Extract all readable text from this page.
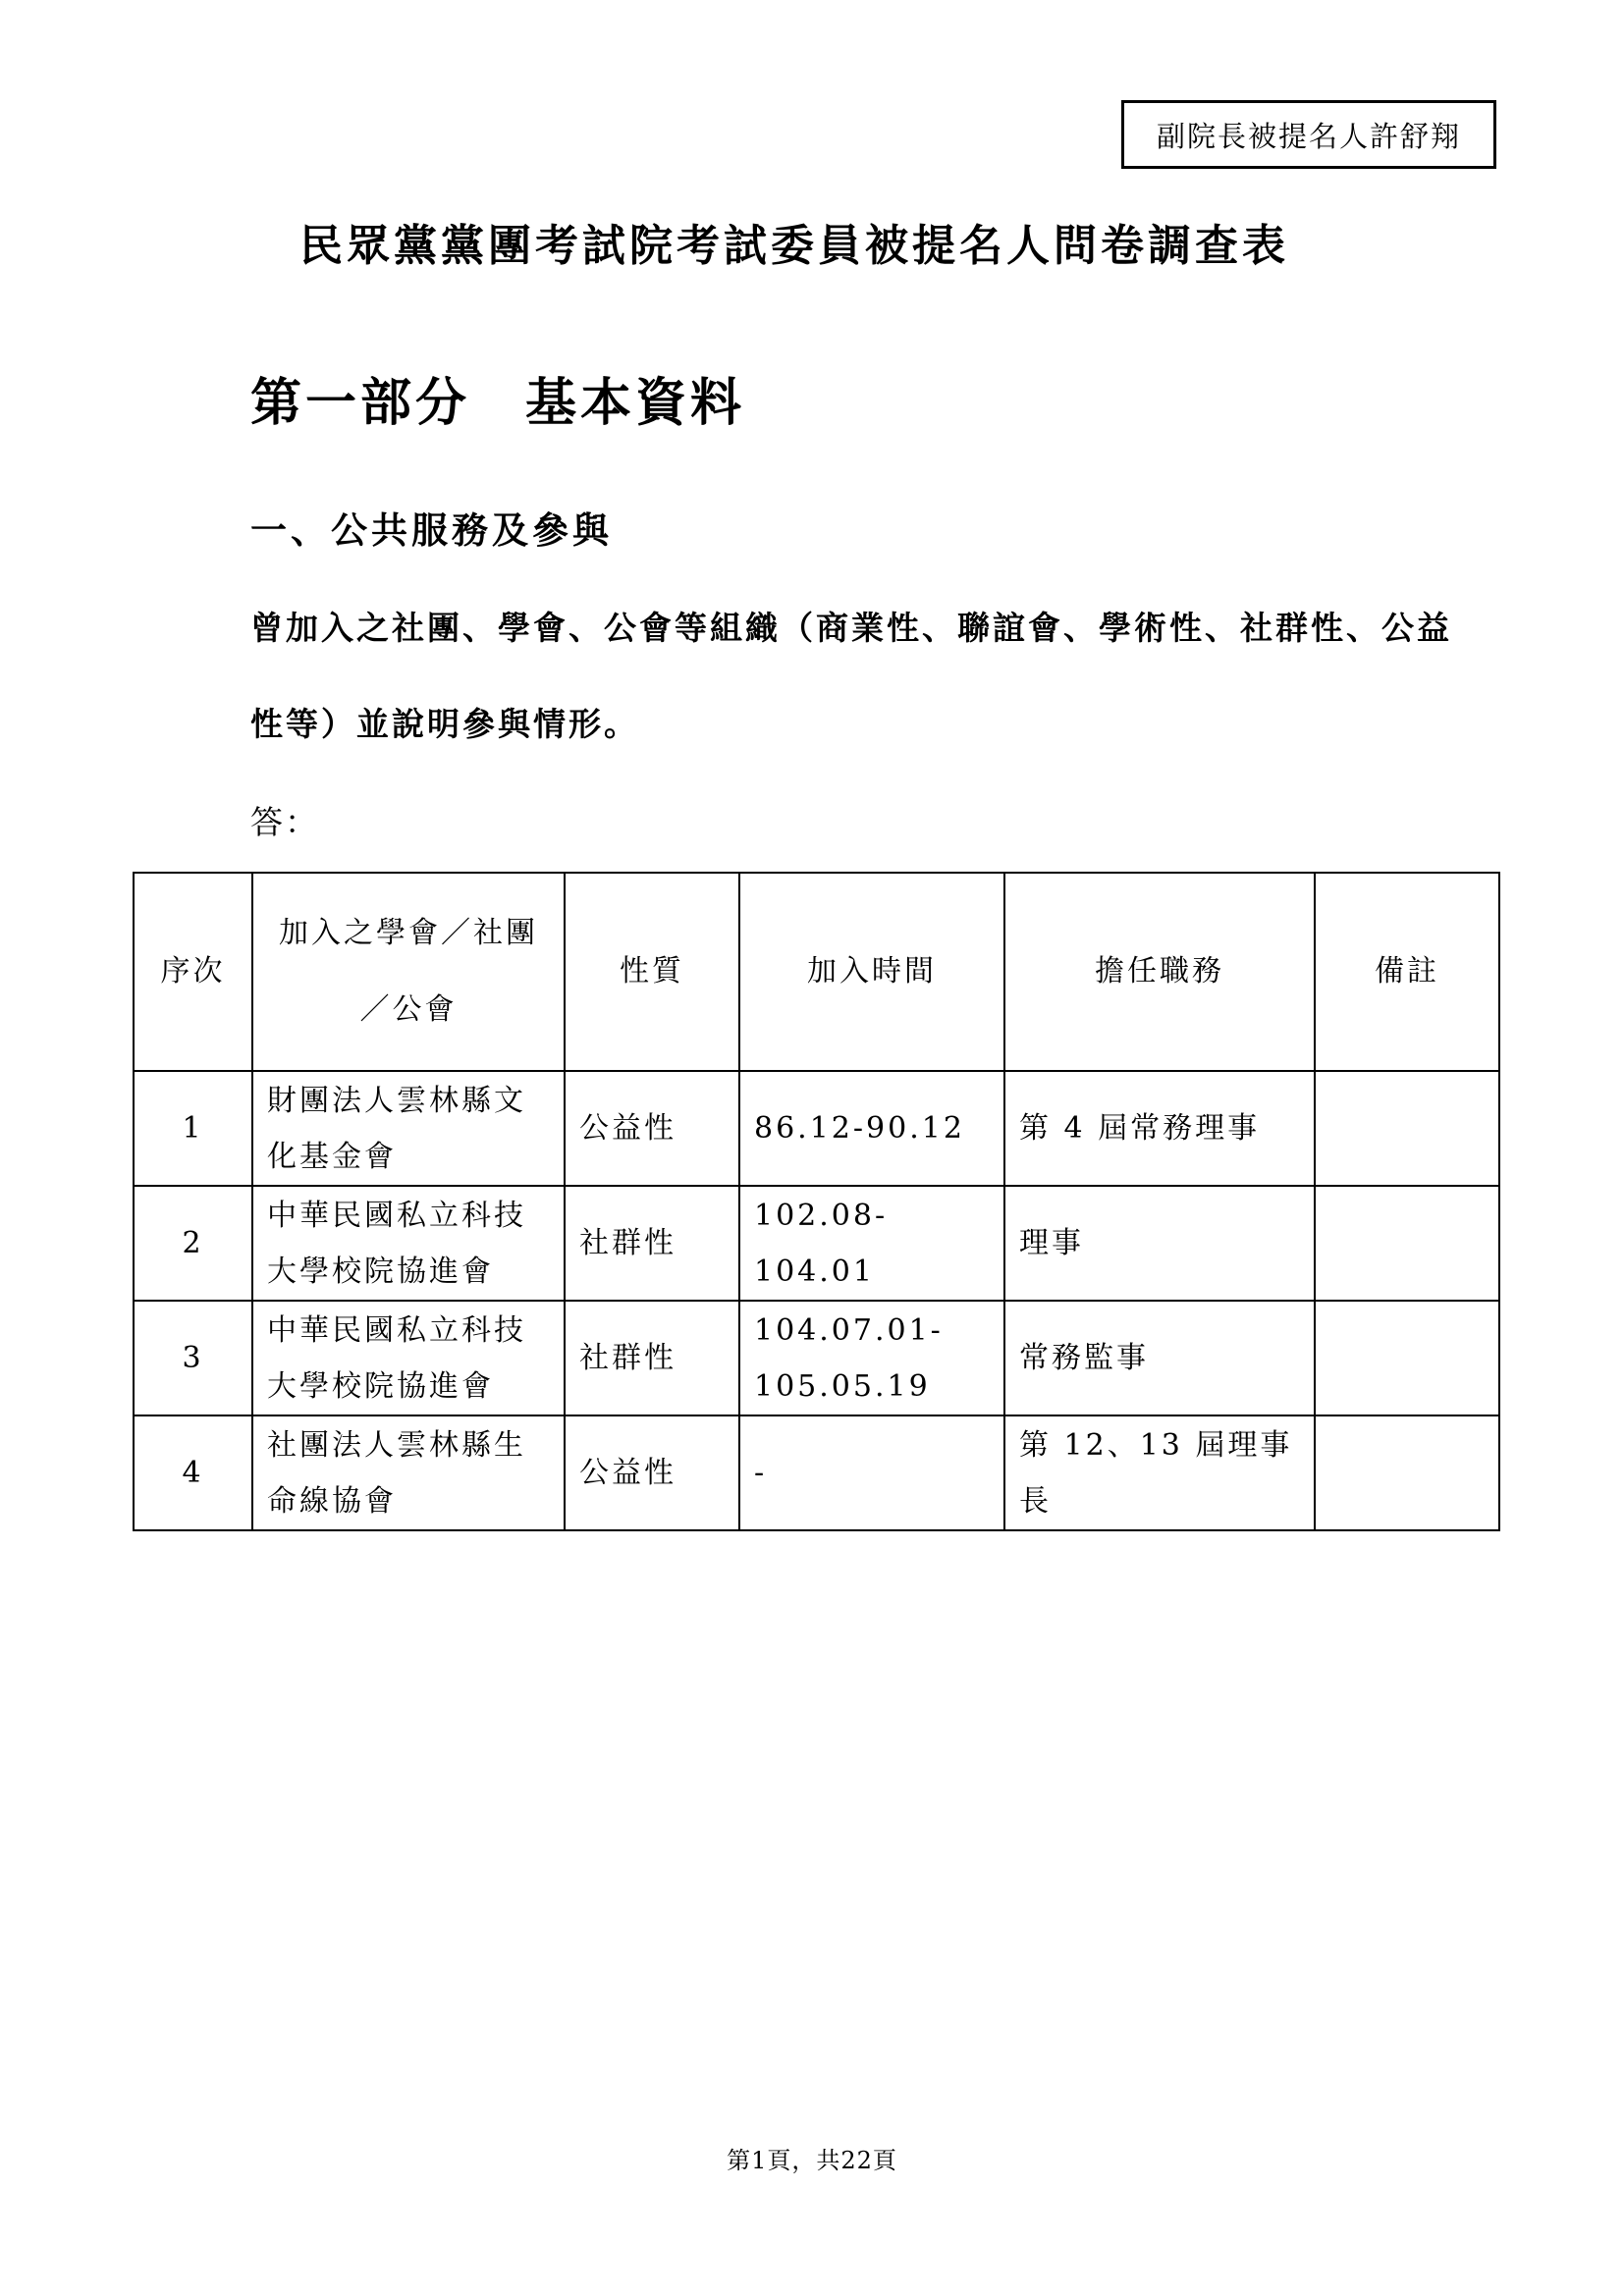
副院長被提名人許舒翔
民眾黨黨團考試院考試委員被提名人問卷調查表
第一部分　基本資料
一、公共服務及參與
曾加入之社團、學會、公會等組織（商業性、聯誼會、學術性、社群性、公益
性等）並說明參與情形。
答：
序次	加入之學會／社團／公會	性質	加入時間	擔任職務	備註
1	財團法人雲林縣文化基金會	公益性	86.12-90.12	第 4 屆常務理事	
2	中華民國私立科技大學校院協進會	社群性	102.08-104.01	理事	
3	中華民國私立科技大學校院協進會	社群性	104.07.01-105.05.19	常務監事	
4	社團法人雲林縣生命線協會	公益性	-	第 12、13 屆理事長	
第1頁，共22頁
